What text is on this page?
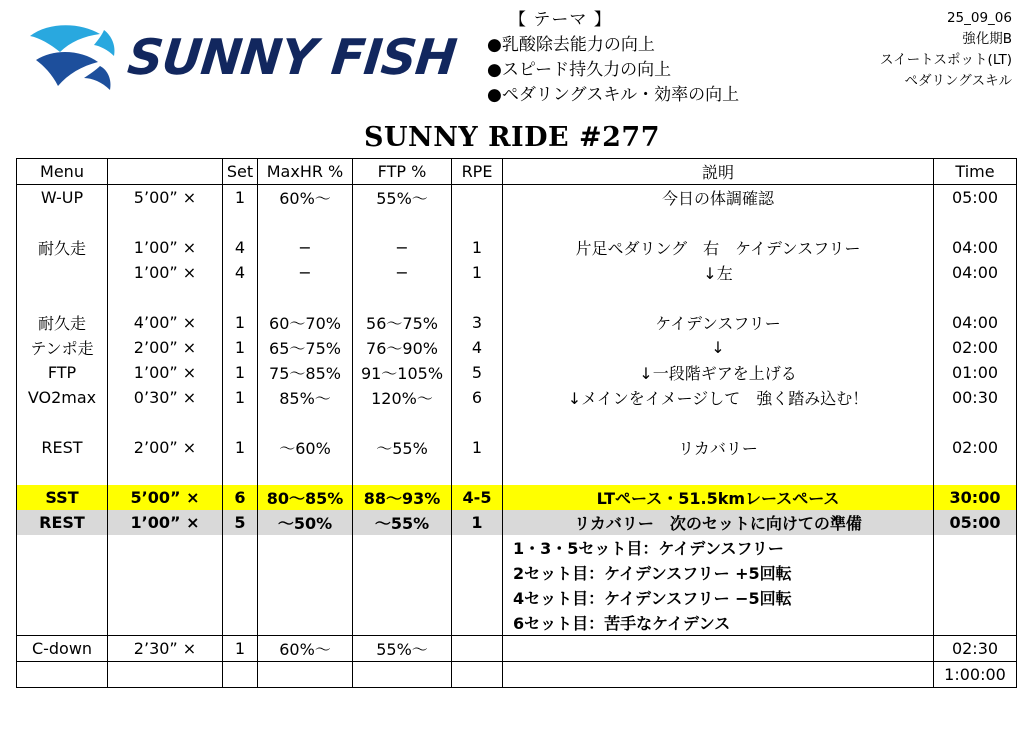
SUNNY FISH
【 テーマ 】
●乳酸除去能力の向上
●スピード持久力の向上
●ペダリングスキル・効率の向上
25_09_06
強化期B
スイートスポット(LT)
ペダリングスキル
SUNNY RIDE #277
Menu		Set	MaxHR %	FTP %	RPE	説明	Time
W-UP	5’00” ×	1	60%〜	55%〜		今日の体調確認	05:00

耐久走	1’00” ×	4	−	−	1	片足ペダリング　右　ケイデンスフリー	04:00
	1’00” ×	4	−	−	1	↓左	04:00

耐久走	4’00” ×	1	60〜70%	56〜75%	3	ケイデンスフリー	04:00
テンポ走	2’00” ×	1	65〜75%	76〜90%	4	↓	02:00
FTP	1’00” ×	1	75〜85%	91〜105%	5	↓一段階ギアを上げる	01:00
VO2max	0’30” ×	1	85%〜	120%〜	6	↓メインをイメージして　強く踏み込む！	00:30

REST	2’00” ×	1	〜60%	〜55%	1	リカバリー	02:00

SST	5’00” ×	6	80〜85%	88〜93%	4-5	LTペース・51.5kmレースペース	30:00
REST	1’00” ×	5	〜50%	〜55%	1	リカバリー　次のセットに向けての準備	05:00
						1・3・5セット目：ケイデンスフリー	
						2セット目：ケイデンスフリー +5回転	
						4セット目：ケイデンスフリー −5回転	
						6セット目：苦手なケイデンス	
C-down	2’30” ×	1	60%〜	55%〜			02:30
							1:00:00
